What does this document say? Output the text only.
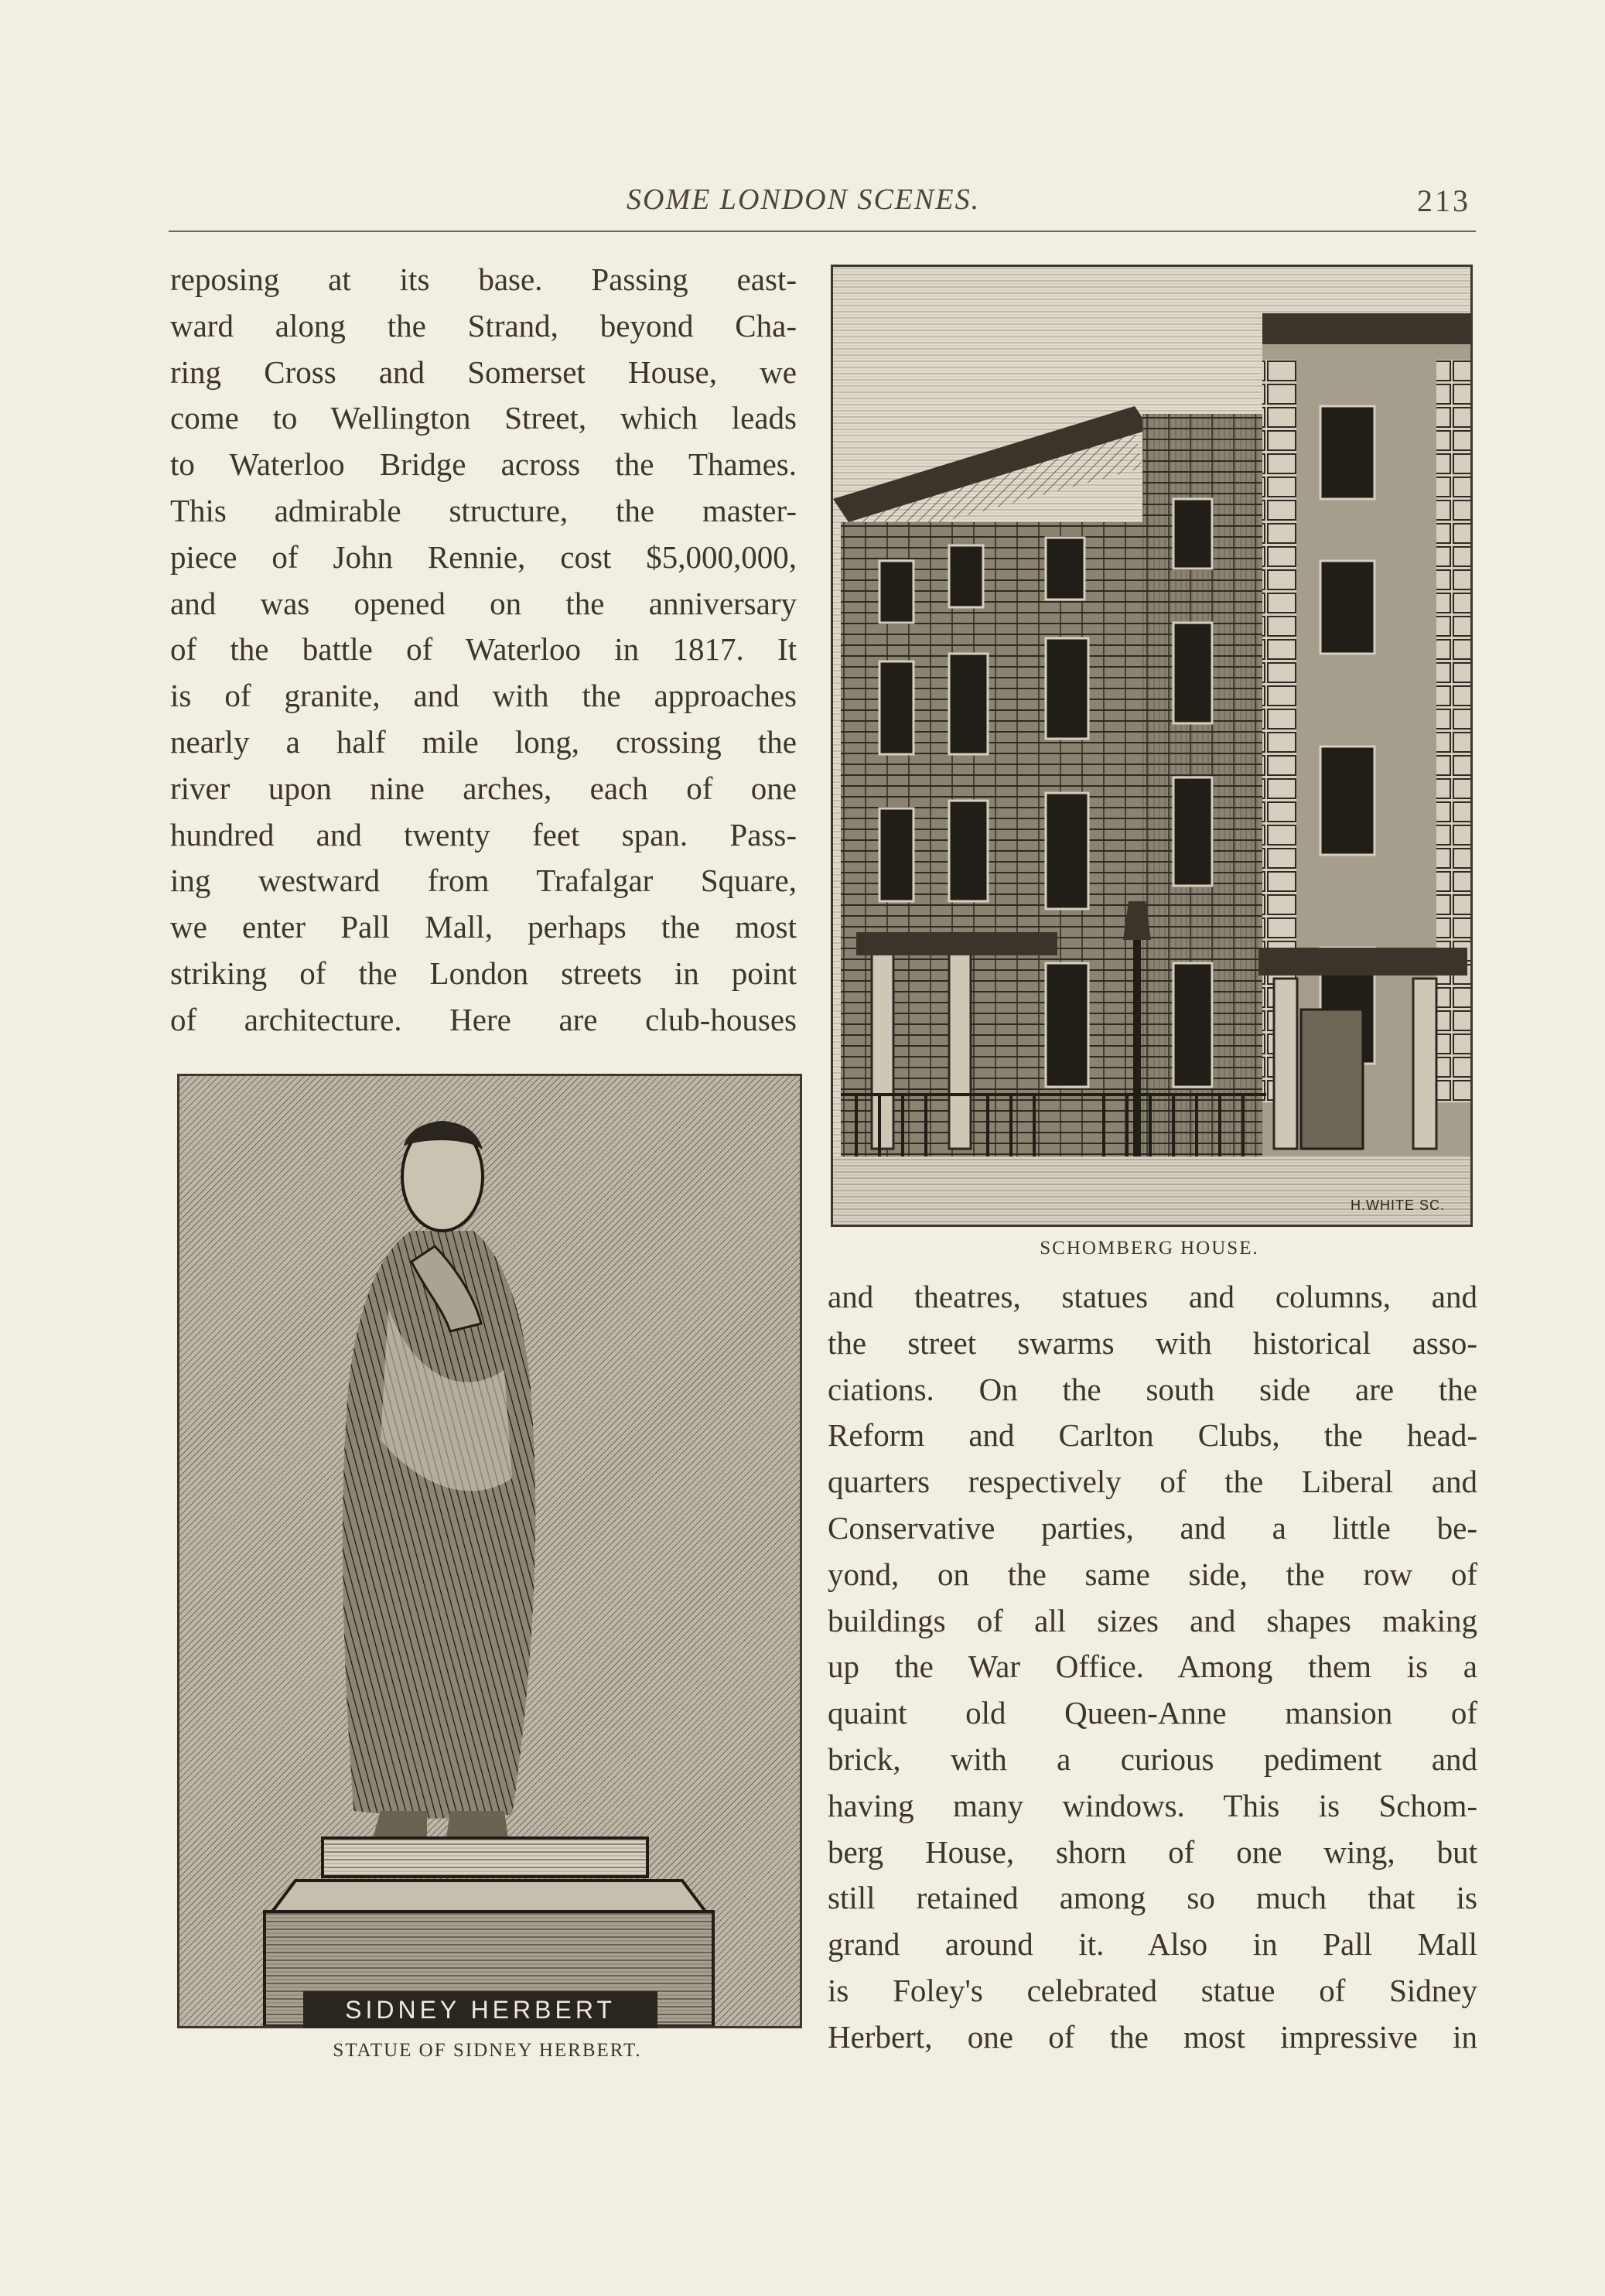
SOME LONDON SCENES.	213
reposing at its base. Passing east-
ward along the Strand, beyond Cha-
ring Cross and Somerset House, we
come to Wellington Street, which leads
to Waterloo Bridge across the Thames.
This admirable structure, the master-
piece of John Rennie, cost $5,000,000,
and was opened on the anniversary
of the battle of Waterloo in 1817. It
is of granite, and with the approaches
nearly a half mile long, crossing the
river upon nine arches, each of one
hundred and twenty feet span. Pass-
ing westward from Trafalgar Square,
we enter Pall Mall, perhaps the most
striking of the London streets in point
of architecture. Here are club-houses
H.WHITE SC.
SCHOMBERG HOUSE.
SIDNEY HERBERT
STATUE OF SIDNEY HERBERT.
and theatres, statues and columns, and
the street swarms with historical asso-
ciations. On the south side are the
Reform and Carlton Clubs, the head-
quarters respectively of the Liberal and
Conservative parties, and a little be-
yond, on the same side, the row of
buildings of all sizes and shapes making
up the War Office. Among them is a
quaint old Queen-Anne mansion of
brick, with a curious pediment and
having many windows. This is Schom-
berg House, shorn of one wing, but
still retained among so much that is
grand around it. Also in Pall Mall
is Foley's celebrated statue of Sidney
Herbert, one of the most impressive in
